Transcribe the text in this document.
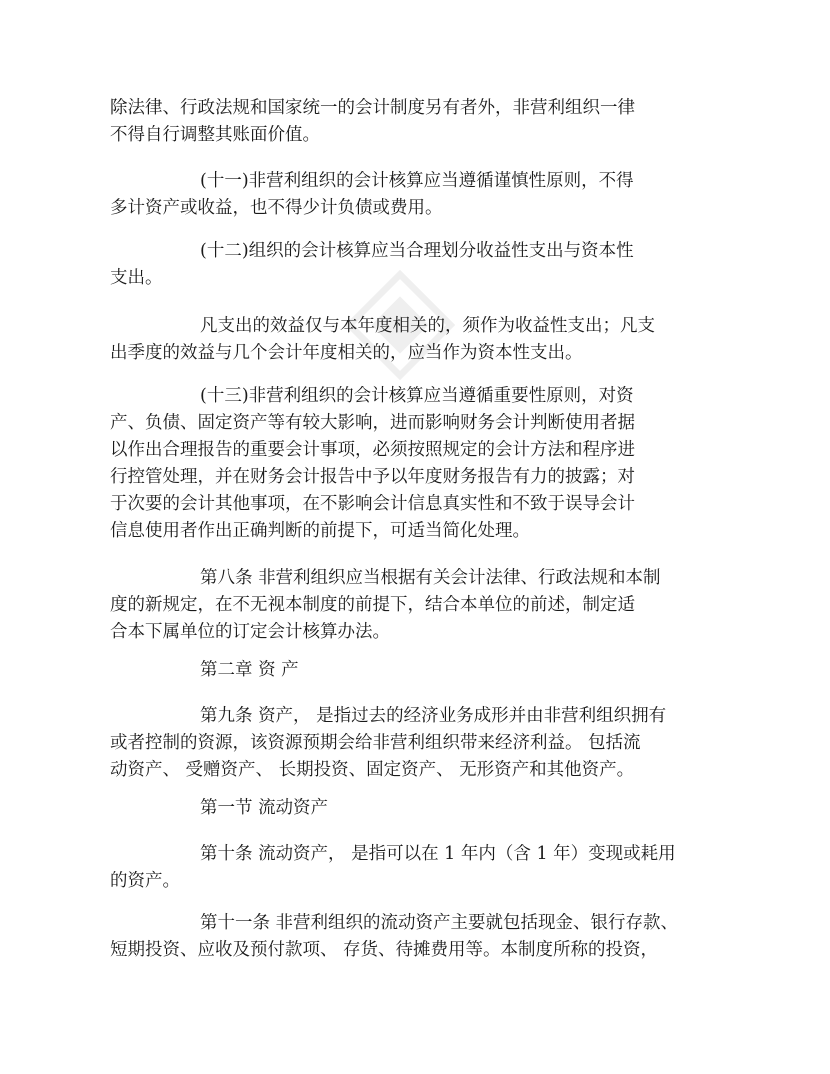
除法律、行政法规和国家统一的会计制度另有者外，非营利组织一律
不得自行调整其账面价值。

(十一)非营利组织的会计核算应当遵循谨慎性原则，不得
多计资产或收益，也不得少计负债或费用。

(十二)组织的会计核算应当合理划分收益性支出与资本性
支出。

凡支出的效益仅与本年度相关的，须作为收益性支出；凡支
出季度的效益与几个会计年度相关的，应当作为资本性支出。

(十三)非营利组织的会计核算应当遵循重要性原则，对资
产、负债、固定资产等有较大影响，进而影响财务会计判断使用者据
以作出合理报告的重要会计事项，必须按照规定的会计方法和程序进
行控管处理，并在财务会计报告中予以年度财务报告有力的披露；对
于次要的会计其他事项，在不影响会计信息真实性和不致于误导会计
信息使用者作出正确判断的前提下，可适当简化处理。

第八条 非营利组织应当根据有关会计法律、行政法规和本制
度的新规定，在不无视本制度的前提下，结合本单位的前述，制定适
合本下属单位的订定会计核算办法。

第二章 资 产

第九条 资产， 是指过去的经济业务成形并由非营利组织拥有
或者控制的资源，该资源预期会给非营利组织带来经济利益。 包括流
动资产、 受赠资产、 长期投资、固定资产、 无形资产和其他资产。

第一节 流动资产

第十条 流动资产， 是指可以在 1 年内（含 1 年）变现或耗用
的资产。

第十一条 非营利组织的流动资产主要就包括现金、银行存款、
短期投资、应收及预付款项、 存货、待摊费用等。本制度所称的投资，
